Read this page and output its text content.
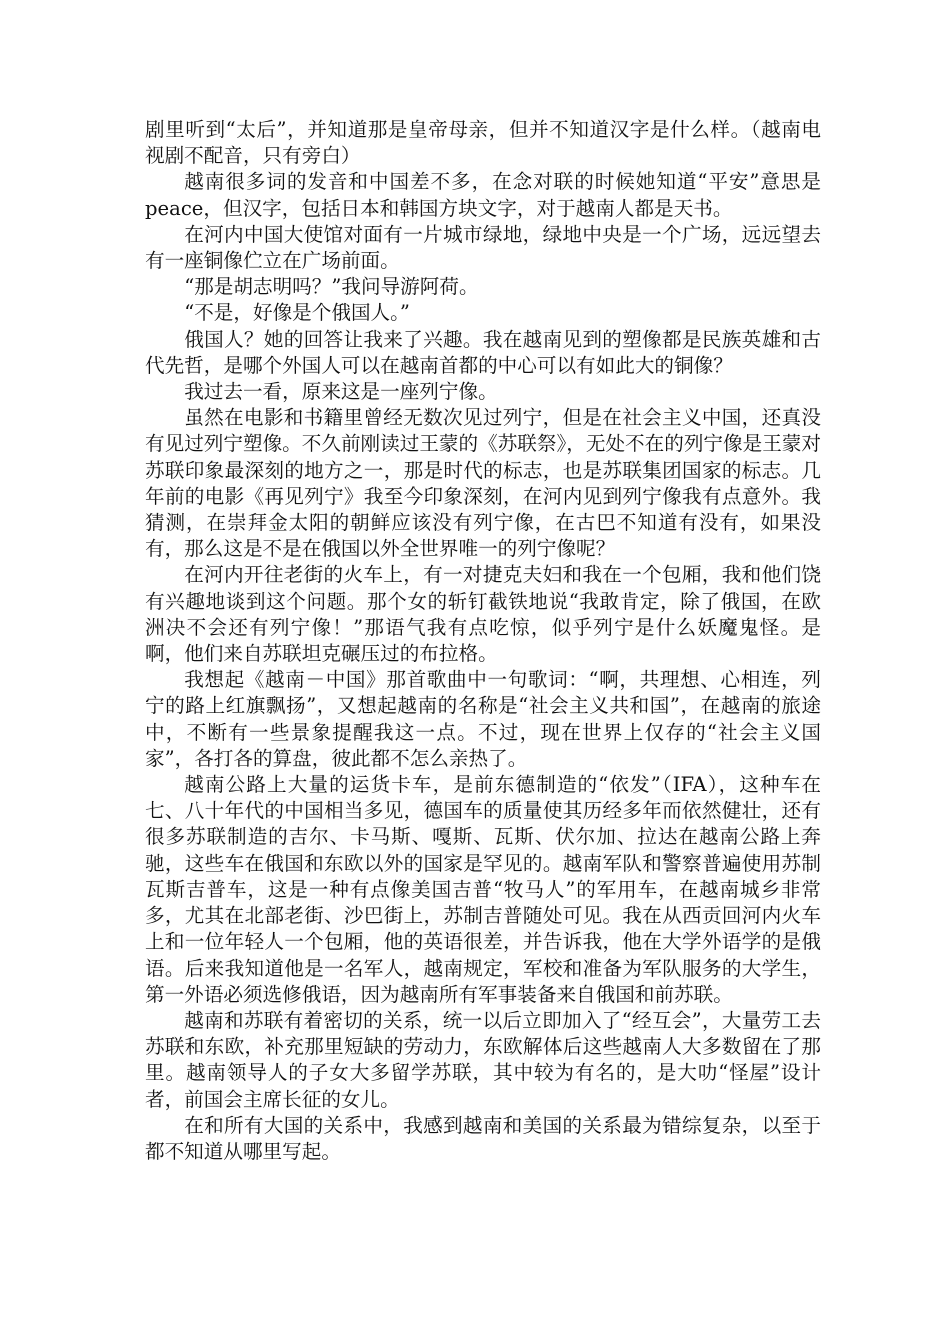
剧里听到“太后”，并知道那是皇帝母亲，但并不知道汉字是什么样。（越南电视剧不配音，只有旁白）

越南很多词的发音和中国差不多，在念对联的时候她知道“平安”意思是 peace，但汉字，包括日本和韩国方块文字，对于越南人都是天书。

在河内中国大使馆对面有一片城市绿地，绿地中央是一个广场，远远望去有一座铜像伫立在广场前面。

“那是胡志明吗？”我问导游阿荷。

“不是，好像是个俄国人。”

俄国人？她的回答让我来了兴趣。我在越南见到的塑像都是民族英雄和古代先哲，是哪个外国人可以在越南首都的中心可以有如此大的铜像？

我过去一看，原来这是一座列宁像。

虽然在电影和书籍里曾经无数次见过列宁，但是在社会主义中国，还真没有见过列宁塑像。不久前刚读过王蒙的《苏联祭》，无处不在的列宁像是王蒙对苏联印象最深刻的地方之一，那是时代的标志，也是苏联集团国家的标志。几年前的电影《再见列宁》我至今印象深刻，在河内见到列宁像我有点意外。我猜测，在崇拜金太阳的朝鲜应该没有列宁像，在古巴不知道有没有，如果没有，那么这是不是在俄国以外全世界唯一的列宁像呢？

在河内开往老街的火车上，有一对捷克夫妇和我在一个包厢，我和他们饶有兴趣地谈到这个问题。那个女的斩钉截铁地说“我敢肯定，除了俄国，在欧洲决不会还有列宁像！”那语气我有点吃惊，似乎列宁是什么妖魔鬼怪。是啊，他们来自苏联坦克碾压过的布拉格。

我想起《越南－中国》那首歌曲中一句歌词：“啊，共理想、心相连，列宁的路上红旗飘扬”，又想起越南的名称是“社会主义共和国”，在越南的旅途中，不断有一些景象提醒我这一点。不过，现在世界上仅存的“社会主义国家”，各打各的算盘，彼此都不怎么亲热了。

越南公路上大量的运货卡车，是前东德制造的“依发”（IFA），这种车在七、八十年代的中国相当多见，德国车的质量使其历经多年而依然健壮，还有很多苏联制造的吉尔、卡马斯、嘎斯、瓦斯、伏尔加、拉达在越南公路上奔驰，这些车在俄国和东欧以外的国家是罕见的。越南军队和警察普遍使用苏制瓦斯吉普车，这是一种有点像美国吉普“牧马人”的军用车，在越南城乡非常多，尤其在北部老街、沙巴街上，苏制吉普随处可见。我在从西贡回河内火车上和一位年轻人一个包厢，他的英语很差，并告诉我，他在大学外语学的是俄语。后来我知道他是一名军人，越南规定，军校和准备为军队服务的大学生，第一外语必须选修俄语，因为越南所有军事装备来自俄国和前苏联。

越南和苏联有着密切的关系，统一以后立即加入了“经互会”，大量劳工去苏联和东欧，补充那里短缺的劳动力，东欧解体后这些越南人大多数留在了那里。越南领导人的子女大多留学苏联，其中较为有名的，是大叻“怪屋”设计者，前国会主席长征的女儿。

在和所有大国的关系中，我感到越南和美国的关系最为错综复杂，以至于都不知道从哪里写起。
